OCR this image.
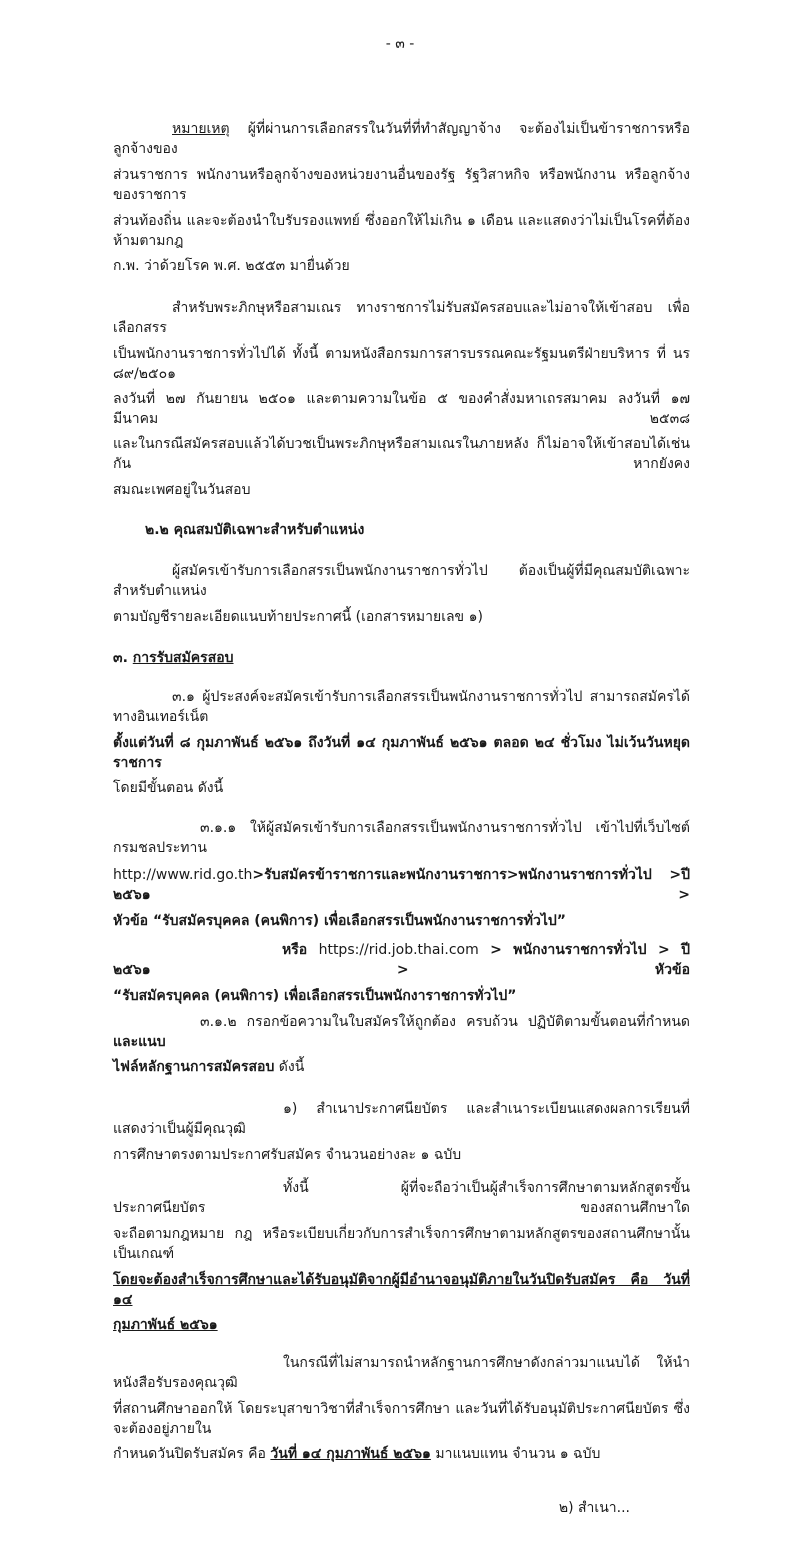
- ๓ -
หมายเหตุ ผู้ที่ผ่านการเลือกสรรในวันที่ที่ทำสัญญาจ้าง จะต้องไม่เป็นข้าราชการหรือลูกจ้างของ
ส่วนราชการ พนักงานหรือลูกจ้างของหน่วยงานอื่นของรัฐ รัฐวิสาหกิจ หรือพนักงาน หรือลูกจ้างของราชการ
ส่วนท้องถิ่น และจะต้องนำใบรับรองแพทย์ ซึ่งออกให้ไม่เกิน ๑ เดือน และแสดงว่าไม่เป็นโรคที่ต้องห้ามตามกฎ
ก.พ. ว่าด้วยโรค พ.ศ. ๒๕๕๓ มายื่นด้วย
สำหรับพระภิกษุหรือสามเณร ทางราชการไม่รับสมัครสอบและไม่อาจให้เข้าสอบ เพื่อเลือกสรร
เป็นพนักงานราชการทั่วไปได้ ทั้งนี้ ตามหนังสือกรมการสารบรรณคณะรัฐมนตรีฝ่ายบริหาร ที่ นร ๘๙/๒๕๐๑
ลงวันที่ ๒๗ กันยายน ๒๕๐๑ และตามความในข้อ ๕ ของคำสั่งมหาเถรสมาคม ลงวันที่ ๑๗ มีนาคม ๒๕๓๘
และในกรณีสมัครสอบแล้วได้บวชเป็นพระภิกษุหรือสามเณรในภายหลัง ก็ไม่อาจให้เข้าสอบได้เช่นกัน หากยังคง
สมณะเพศอยู่ในวันสอบ
๒.๒ คุณสมบัติเฉพาะสำหรับตำแหน่ง
ผู้สมัครเข้ารับการเลือกสรรเป็นพนักงานราชการทั่วไป ต้องเป็นผู้ที่มีคุณสมบัติเฉพาะสำหรับตำแหน่ง
ตามบัญชีรายละเอียดแนบท้ายประกาศนี้ (เอกสารหมายเลข ๑)
๓. การรับสมัครสอบ
๓.๑ ผู้ประสงค์จะสมัครเข้ารับการเลือกสรรเป็นพนักงานราชการทั่วไป สามารถสมัครได้ทางอินเทอร์เน็ต
ตั้งแต่วันที่ ๘ กุมภาพันธ์ ๒๕๖๑ ถึงวันที่ ๑๔ กุมภาพันธ์ ๒๕๖๑ ตลอด ๒๔ ชั่วโมง ไม่เว้นวันหยุดราชการ
โดยมีขั้นตอน ดังนี้
๓.๑.๑ ให้ผู้สมัครเข้ารับการเลือกสรรเป็นพนักงานราชการทั่วไป เข้าไปที่เว็บไซต์กรมชลประทาน
http://www.rid.go.th>รับสมัครข้าราชการและพนักงานราชการ>พนักงานราชการทั่วไป >ปี ๒๕๖๑ >
หัวข้อ “รับสมัครบุคคล (คนพิการ) เพื่อเลือกสรรเป็นพนักงานราชการทั่วไป”
หรือ https://rid.job.thai.com > พนักงานราชการทั่วไป > ปี ๒๕๖๑ > หัวข้อ
“รับสมัครบุคคล (คนพิการ) เพื่อเลือกสรรเป็นพนักงาราชการทั่วไป”
๓.๑.๒ กรอกข้อความในใบสมัครให้ถูกต้อง ครบถ้วน ปฏิบัติตามขั้นตอนที่กำหนด และแนบ
ไฟล์หลักฐานการสมัครสอบ ดังนี้
๑) สำเนาประกาศนียบัตร และสำเนาระเบียนแสดงผลการเรียนที่แสดงว่าเป็นผู้มีคุณวุฒิ
การศึกษาตรงตามประกาศรับสมัคร จำนวนอย่างละ ๑ ฉบับ
ทั้งนี้ ผู้ที่จะถือว่าเป็นผู้สำเร็จการศึกษาตามหลักสูตรขั้นประกาศนียบัตร ของสถานศึกษาใด
จะถือตามกฎหมาย กฎ หรือระเบียบเกี่ยวกับการสำเร็จการศึกษาตามหลักสูตรของสถานศึกษานั้นเป็นเกณฑ์
โดยจะต้องสำเร็จการศึกษาและได้รับอนุมัติจากผู้มีอำนาจอนุมัติภายในวันปิดรับสมัคร คือ วันที่ ๑๔
กุมภาพันธ์ ๒๕๖๑
ในกรณีที่ไม่สามารถนำหลักฐานการศึกษาดังกล่าวมาแนบได้ ให้นำหนังสือรับรองคุณวุฒิ
ที่สถานศึกษาออกให้ โดยระบุสาขาวิชาที่สำเร็จการศึกษา และวันที่ได้รับอนุมัติประกาศนียบัตร ซึ่งจะต้องอยู่ภายใน
กำหนดวันปิดรับสมัคร คือ วันที่ ๑๔ กุมภาพันธ์ ๒๕๖๑ มาแนบแทน จำนวน ๑ ฉบับ
๒) สำเนา...
